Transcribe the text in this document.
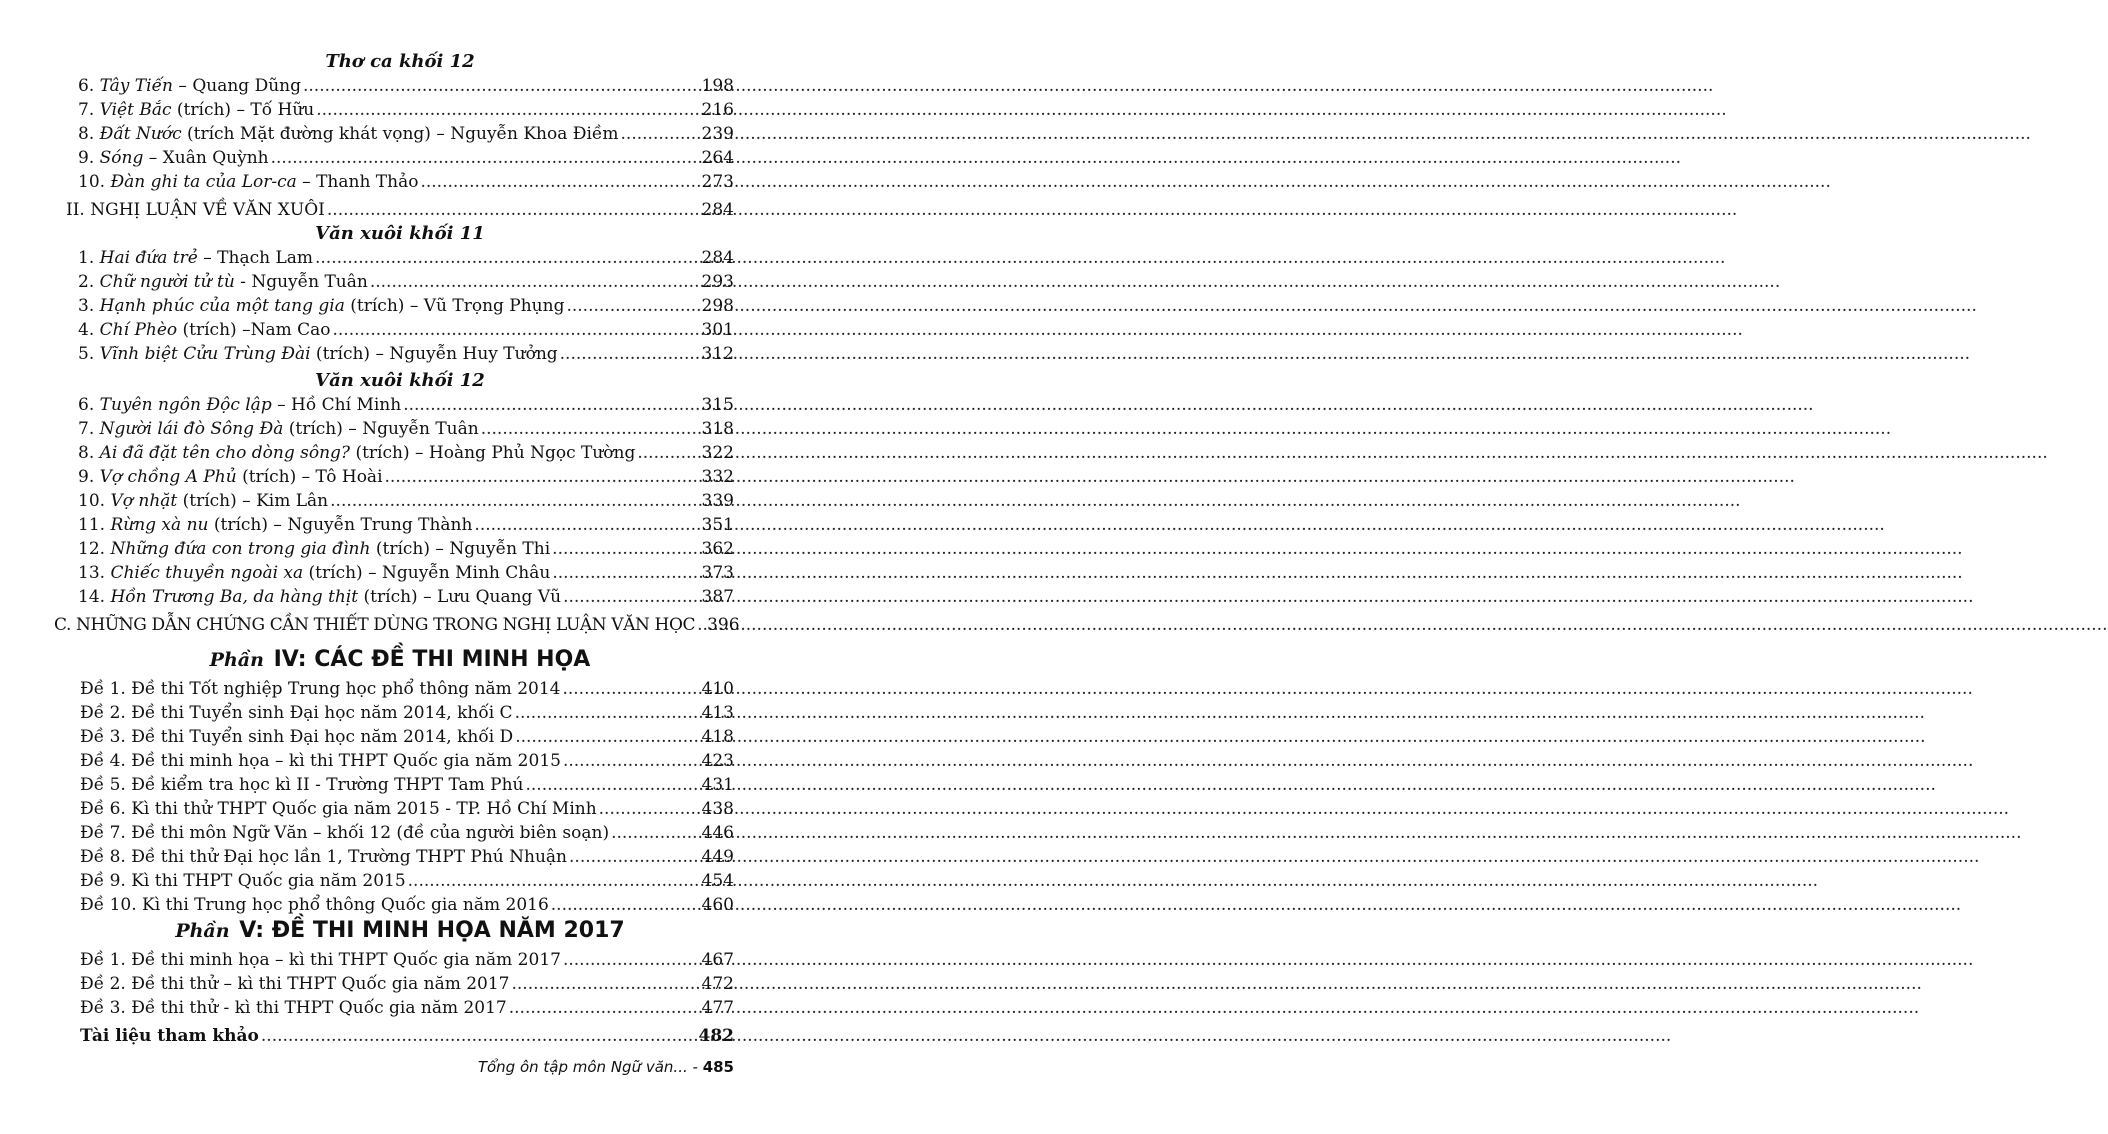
Thơ ca khối 12
6. Tây Tiến – Quang Dũng .....	198
7. Việt Bắc (trích) – Tố Hữu .....	216
8. Đất Nước (trích Mặt đường khát vọng) – Nguyễn Khoa Điềm .....	239
9. Sóng – Xuân Quỳnh .....	264
10. Đàn ghi ta của Lor-ca – Thanh Thảo .....	273
II. NGHỊ LUẬN VỀ VĂN XUÔI .....	284
Văn xuôi khối 11
1. Hai đứa trẻ – Thạch Lam .....	284
2. Chữ người tử tù - Nguyễn Tuân .....	293
3. Hạnh phúc của một tang gia (trích) – Vũ Trọng Phụng .....	298
4. Chí Phèo (trích) –Nam Cao .....	301
5. Vĩnh biệt Cửu Trùng Đài (trích) – Nguyễn Huy Tưởng .....	312
Văn xuôi khối 12
6. Tuyên ngôn Độc lập – Hồ Chí Minh .....	315
7. Người lái đò Sông Đà (trích) – Nguyễn Tuân .....	318
8. Ai đã đặt tên cho dòng sông? (trích) – Hoàng Phủ Ngọc Tường .....	322
9. Vợ chồng A Phủ (trích) – Tô Hoài .....	332
10. Vợ nhặt (trích) – Kim Lân .....	339
11. Rừng xà nu (trích) – Nguyễn Trung Thành .....	351
12. Những đứa con trong gia đình (trích) – Nguyễn Thi .....	362
13. Chiếc thuyền ngoài xa (trích) – Nguyễn Minh Châu .....	373
14. Hồn Trương Ba, da hàng thịt (trích) – Lưu Quang Vũ .....	387
C. NHỮNG DẪN CHỨNG CẦN THIẾT DÙNG TRONG NGHỊ LUẬN VĂN HỌC ..... 396
Phần IV: CÁC ĐỀ THI MINH HỌA
Đề 1. Đề thi Tốt nghiệp Trung học phổ thông năm 2014 .....	410
Đề 2. Đề thi Tuyển sinh Đại học năm 2014, khối C .....	413
Đề 3. Đề thi Tuyển sinh Đại học năm 2014, khối D .....	418
Đề 4. Đề thi minh họa – kì thi THPT Quốc gia năm 2015 .....	423
Đề 5. Đề kiểm tra học kì II - Trường THPT Tam Phú .....	431
Đề 6. Kì thi thử THPT Quốc gia năm 2015 - TP. Hồ Chí Minh .....	438
Đề 7. Đề thi môn Ngữ Văn – khối 12 (đề của người biên soạn) .....	446
Đề 8. Đề thi thử Đại học lần 1, Trường THPT Phú Nhuận .....	449
Đề 9. Kì thi THPT Quốc gia năm 2015 .....	454
Đề 10. Kì thi Trung học phổ thông Quốc gia năm 2016 .....	460
Phần V: ĐỀ THI MINH HỌA NĂM 2017
Đề 1. Đề thi minh họa – kì thi THPT Quốc gia năm 2017 .....	467
Đề 2. Đề thi thử – kì thi THPT Quốc gia năm 2017 .....	472
Đề 3. Đề thi thử - kì thi THPT Quốc gia năm 2017 .....	477
Tài liệu tham khảo .....	482
Tổng ôn tập môn Ngữ văn... - 485
